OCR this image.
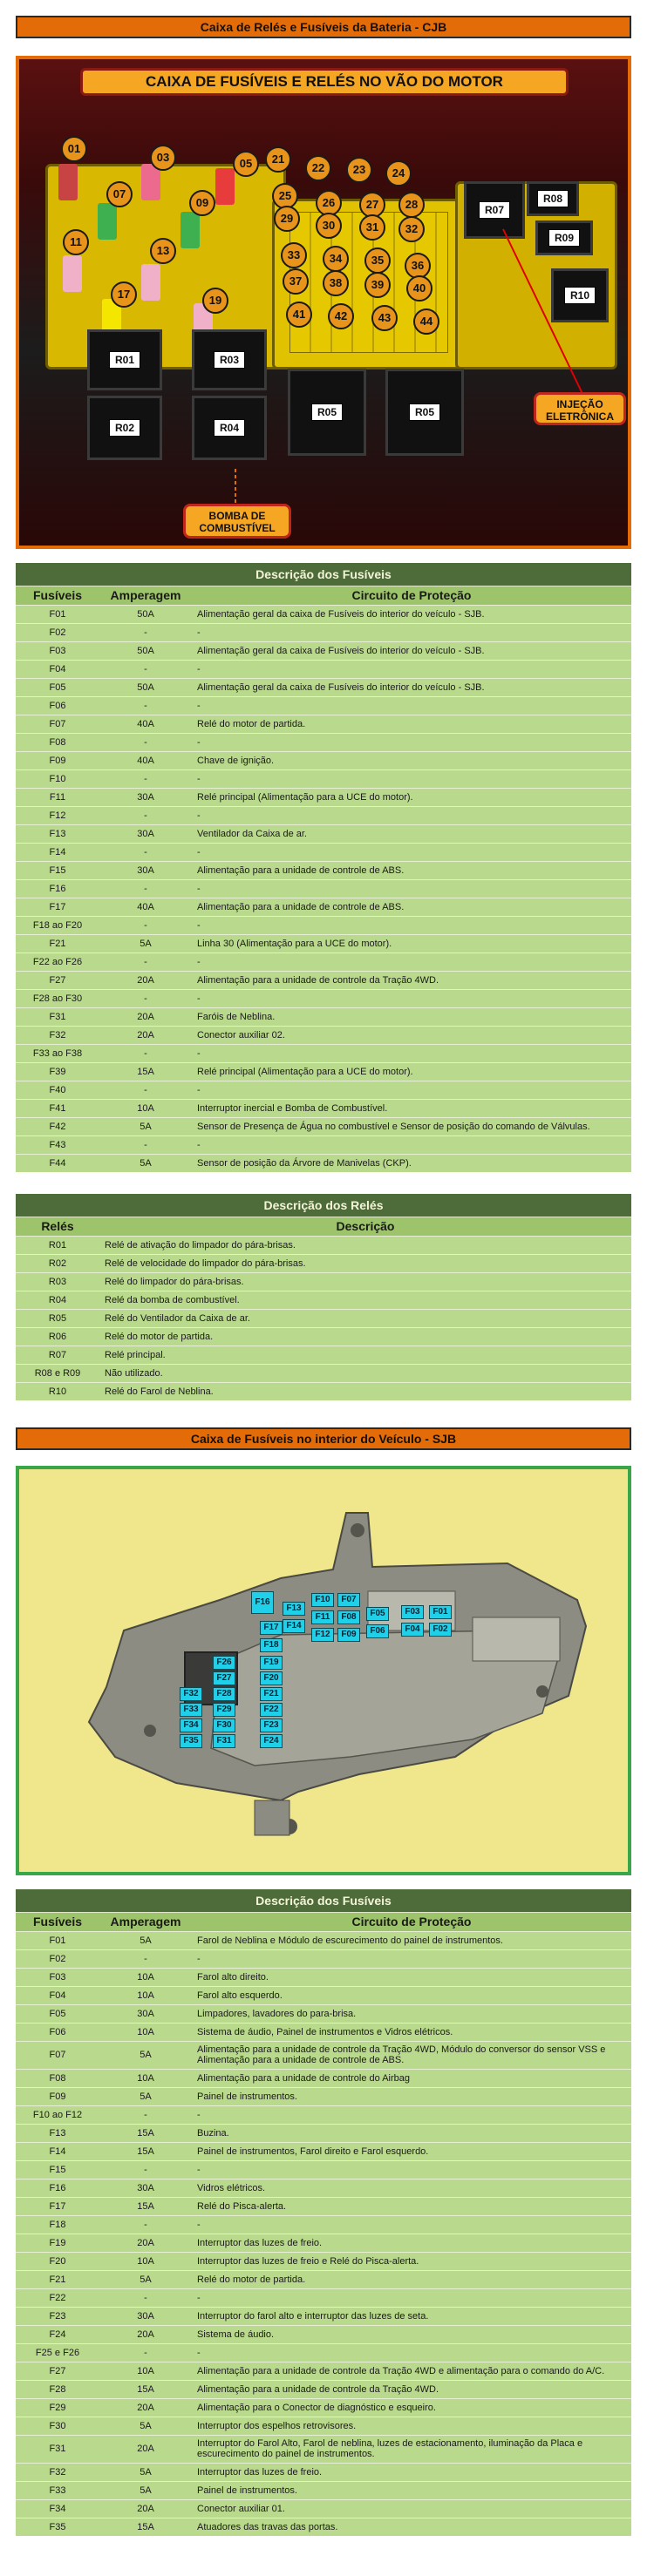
Caixa de Relés e Fusíveis da Bateria - CJB
CAIXA DE FUSÍVEIS E RELÉS NO VÃO DO MOTOR
01
03	05
07
09
11
13
17	19
21
22	23	24
25
26	27	28
29
30	31	32
33	34	35	36
37	38	39	40
41	42	43	44
R01
R02
R03
R04
R05	R05
R07
R08
R09
R10
INJEÇÃO ELETRÔNICA
BOMBA DE COMBUSTÍVEL
Descrição dos Fusíveis		
Fusíveis	Amperagem	Circuito de Proteção
F01	50A	Alimentação geral da caixa de Fusíveis do interior do veículo - SJB.
F02	-	-
F03	50A	Alimentação geral da caixa de Fusíveis do interior do veículo - SJB.
F04	-	-
F05	50A	Alimentação geral da caixa de Fusíveis do interior do veículo - SJB.
F06	-	-
F07	40A	Relé do motor de partida.
F08	-	-
F09	40A	Chave de ignição.
F10	-	-
F11	30A	Relé principal (Alimentação para a UCE do motor).
F12	-	-
F13	30A	Ventilador da Caixa de ar.
F14	-	-
F15	30A	Alimentação para a unidade de controle de ABS.
F16	-	-
F17	40A	Alimentação para a unidade de controle de ABS.
F18 ao F20	-	-
F21	5A	Linha 30 (Alimentação para a UCE do motor).
F22 ao F26	-	-
F27	20A	Alimentação para a unidade de controle da Tração 4WD.
F28 ao F30	-	-
F31	20A	Faróis de Neblina.
F32	20A	Conector auxiliar 02.
F33 ao F38	-	-
F39	15A	Relé principal (Alimentação para a UCE do motor).
F40	-	-
F41	10A	Interruptor inercial e Bomba de Combustível.
F42	5A	Sensor de Presença de Água no combustível e Sensor de posição do comando de Válvulas.
F43	-	-
F44	5A	Sensor de posição da Árvore de Manivelas (CKP).
Descrição dos Relés	
Relés	Descrição
R01	Relé de ativação do limpador do pára-brisas.
R02	Relé de velocidade do limpador do pára-brisas.
R03	Relé do limpador do pára-brisas.
R04	Relé da bomba de combustível.
R05	Relé do Ventilador da Caixa de ar.
R06	Relé do motor de partida.
R07	Relé principal.
R08 e R09	Não utilizado.
R10	Relé do Farol de Neblina.
Caixa de Fusíveis no interior do Veículo - SJB
F16
F13
F10	F07
F17
F11	F08	F05	F03	F01
F18
F14
F12	F09	F06	F04	F02
F19
F26
F20
F27
F32	F28	F21
F33	F29	F22
F34	F30	F23
F35	F31	F24
Descrição dos Fusíveis		
Fusíveis	Amperagem	Circuito de Proteção
F01	5A	Farol de Neblina e Módulo de escurecimento do painel de instrumentos.
F02	-	-
F03	10A	Farol alto direito.
F04	10A	Farol alto esquerdo.
F05	30A	Limpadores, lavadores do para-brisa.
F06	10A	Sistema de áudio, Painel de instrumentos e Vidros elétricos.
F07	5A	Alimentação para a unidade de controle da Tração 4WD, Módulo do conversor do sensor VSS e Alimentação para a unidade de controle de ABS.
F08	10A	Alimentação para a unidade de controle do Airbag
F09	5A	Painel de instrumentos.
F10 ao F12	-	-
F13	15A	Buzina.
F14	15A	Painel de instrumentos, Farol direito e Farol esquerdo.
F15	-	-
F16	30A	Vidros elétricos.
F17	15A	Relé do Pisca-alerta.
F18	-	-
F19	20A	Interruptor das luzes de freio.
F20	10A	Interruptor das luzes de freio e Relé do Pisca-alerta.
F21	5A	Relé do motor de partida.
F22	-	-
F23	30A	Interruptor do farol alto e interruptor das luzes de seta.
F24	20A	Sistema de áudio.
F25 e F26	-	-
F27	10A	Alimentação para a unidade de controle da Tração 4WD e alimentação para o comando do A/C.
F28	15A	Alimentação para a unidade de controle da Tração 4WD.
F29	20A	Alimentação para o Conector de diagnóstico e esqueiro.
F30	5A	Interruptor dos espelhos retrovisores.
F31	20A	Interruptor do Farol Alto, Farol de neblina, luzes de estacionamento, iluminação da Placa e escurecimento do painel de instrumentos.
F32	5A	Interruptor das luzes de freio.
F33	5A	Painel de instrumentos.
F34	20A	Conector auxiliar 01.
F35	15A	Atuadores das travas das portas.
